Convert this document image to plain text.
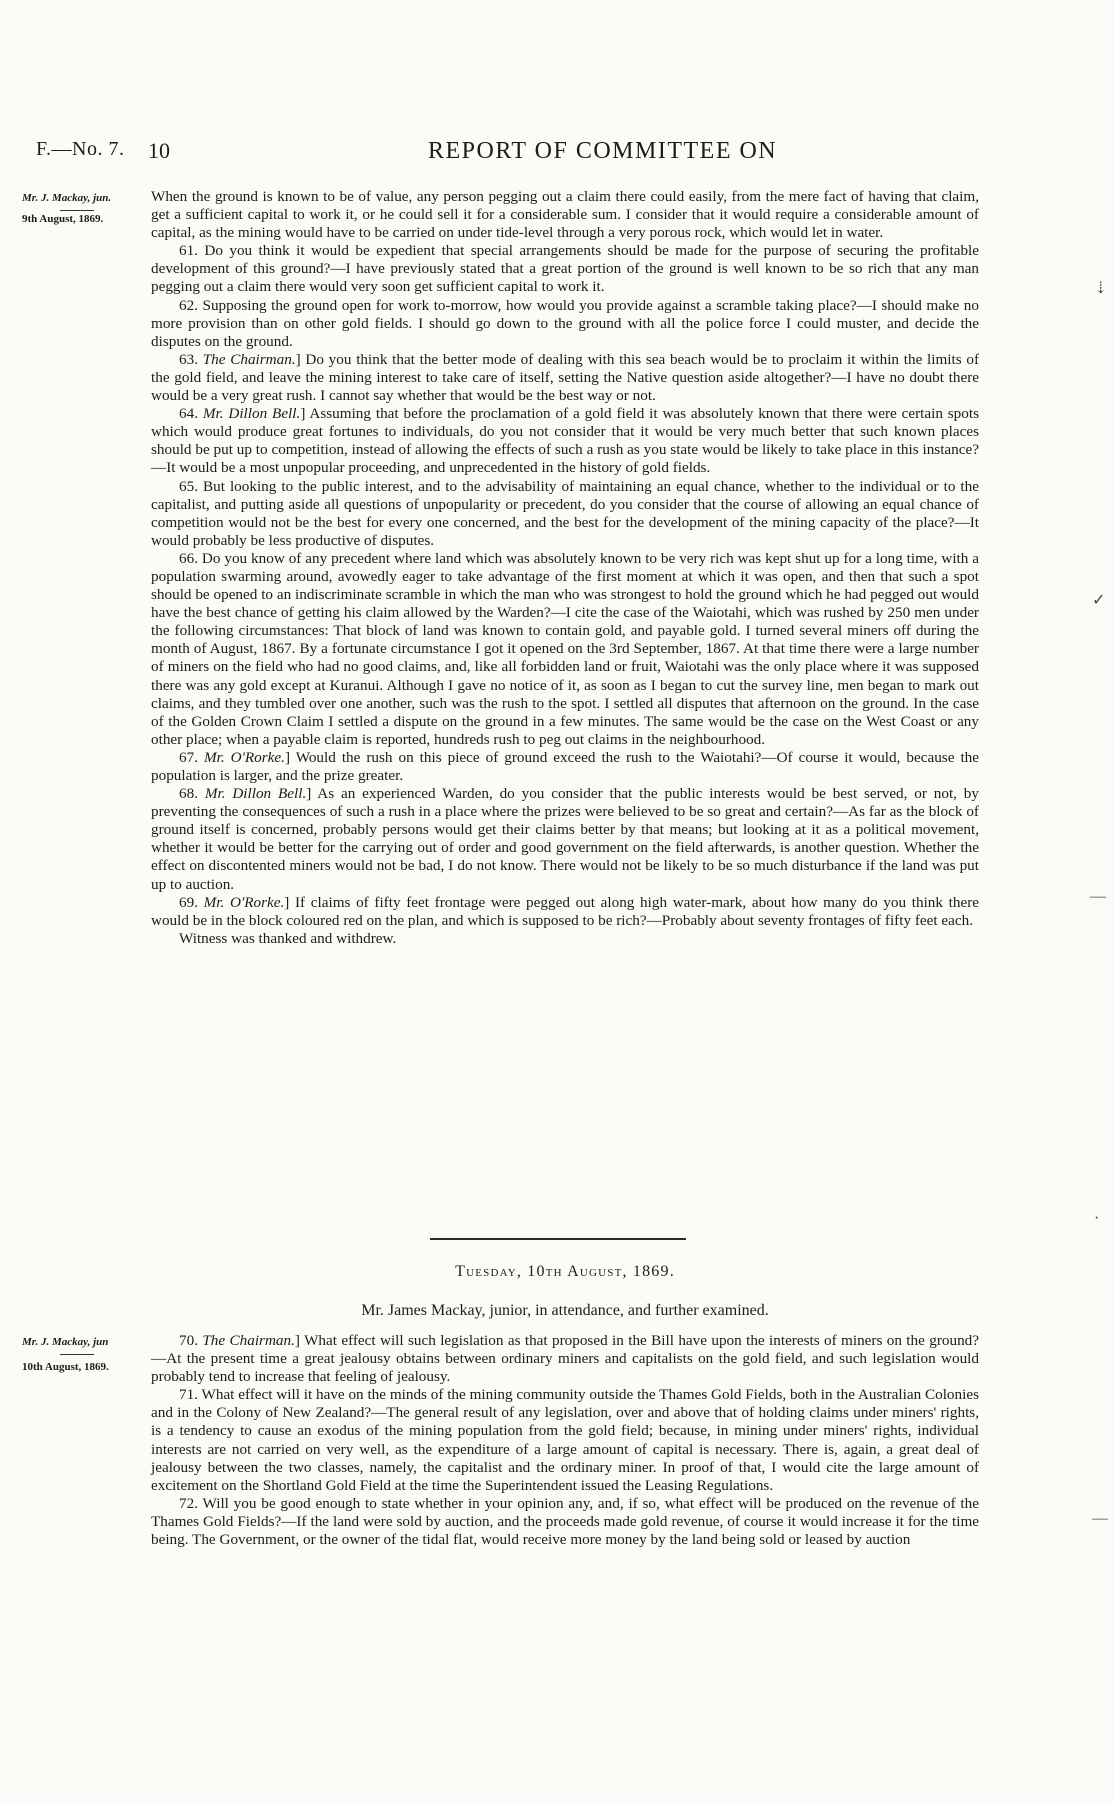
F.—No. 7. 10	REPORT OF COMMITTEE ON
Mr. J. Mackay, jun.
9th August, 1869.

When the ground is known to be of value, any person pegging out a claim there could easily, from the mere fact of having that claim, get a sufficient capital to work it, or he could sell it for a considerable sum. I consider that it would require a considerable amount of capital, as the mining would have to be carried on under tide-level through a very porous rock, which would let in water.

61. Do you think it would be expedient that special arrangements should be made for the purpose of securing the profitable development of this ground?—I have previously stated that a great portion of the ground is well known to be so rich that any man pegging out a claim there would very soon get sufficient capital to work it.

62. Supposing the ground open for work to-morrow, how would you provide against a scramble taking place?—I should make no more provision than on other gold fields. I should go down to the ground with all the police force I could muster, and decide the disputes on the ground.

63. The Chairman.] Do you think that the better mode of dealing with this sea beach would be to proclaim it within the limits of the gold field, and leave the mining interest to take care of itself, setting the Native question aside altogether?—I have no doubt there would be a very great rush. I cannot say whether that would be the best way or not.

64. Mr. Dillon Bell.] Assuming that before the proclamation of a gold field it was absolutely known that there were certain spots which would produce great fortunes to individuals, do you not consider that it would be very much better that such known places should be put up to competition, instead of allowing the effects of such a rush as you state would be likely to take place in this instance?—It would be a most unpopular proceeding, and unprecedented in the history of gold fields.

65. But looking to the public interest, and to the advisability of maintaining an equal chance, whether to the individual or to the capitalist, and putting aside all questions of unpopularity or precedent, do you consider that the course of allowing an equal chance of competition would not be the best for every one concerned, and the best for the development of the mining capacity of the place?—It would probably be less productive of disputes.

66. Do you know of any precedent where land which was absolutely known to be very rich was kept shut up for a long time, with a population swarming around, avowedly eager to take advantage of the first moment at which it was open, and then that such a spot should be opened to an indiscriminate scramble in which the man who was strongest to hold the ground which he had pegged out would have the best chance of getting his claim allowed by the Warden?—I cite the case of the Waiotahi, which was rushed by 250 men under the following circumstances: That block of land was known to contain gold, and payable gold. I turned several miners off during the month of August, 1867. By a fortunate circumstance I got it opened on the 3rd September, 1867. At that time there were a large number of miners on the field who had no good claims, and, like all forbidden land or fruit, Waiotahi was the only place where it was supposed there was any gold except at Kuranui. Although I gave no notice of it, as soon as I began to cut the survey line, men began to mark out claims, and they tumbled over one another, such was the rush to the spot. I settled all disputes that afternoon on the ground. In the case of the Golden Crown Claim I settled a dispute on the ground in a few minutes. The same would be the case on the West Coast or any other place; when a payable claim is reported, hundreds rush to peg out claims in the neighbourhood.

67. Mr. O'Rorke.] Would the rush on this piece of ground exceed the rush to the Waiotahi?—Of course it would, because the population is larger, and the prize greater.

68. Mr. Dillon Bell.] As an experienced Warden, do you consider that the public interests would be best served, or not, by preventing the consequences of such a rush in a place where the prizes were believed to be so great and certain?—As far as the block of ground itself is concerned, probably persons would get their claims better by that means; but looking at it as a political movement, whether it would be better for the carrying out of order and good government on the field afterwards, is another question. Whether the effect on discontented miners would not be bad, I do not know. There would not be likely to be so much disturbance if the land was put up to auction.

69. Mr. O'Rorke.] If claims of fifty feet frontage were pegged out along high water-mark, about how many do you think there would be in the block coloured red on the plan, and which is supposed to be rich?—Probably about seventy frontages of fifty feet each.

Witness was thanked and withdrew.

Tuesday, 10th August, 1869.
Mr. James Mackay, junior, in attendance, and further examined.
Mr. J. Mackay, jun
10th August, 1869.

70. The Chairman.] What effect will such legislation as that proposed in the Bill have upon the interests of miners on the ground?—At the present time a great jealousy obtains between ordinary miners and capitalists on the gold field, and such legislation would probably tend to increase that feeling of jealousy.

71. What effect will it have on the minds of the mining community outside the Thames Gold Fields, both in the Australian Colonies and in the Colony of New Zealand?—The general result of any legislation, over and above that of holding claims under miners' rights, is a tendency to cause an exodus of the mining population from the gold field; because, in mining under miners' rights, individual interests are not carried on very well, as the expenditure of a large amount of capital is necessary. There is, again, a great deal of jealousy between the two classes, namely, the capitalist and the ordinary miner. In proof of that, I would cite the large amount of excitement on the Shortland Gold Field at the time the Superintendent issued the Leasing Regulations.

72. Will you be good enough to state whether in your opinion any, and, if so, what effect will be produced on the revenue of the Thames Gold Fields?—If the land were sold by auction, and the proceeds made gold revenue, of course it would increase it for the time being. The Government, or the owner of the tidal flat, would receive more money by the land being sold or leased by auction

⇣
✓
—
·
—
